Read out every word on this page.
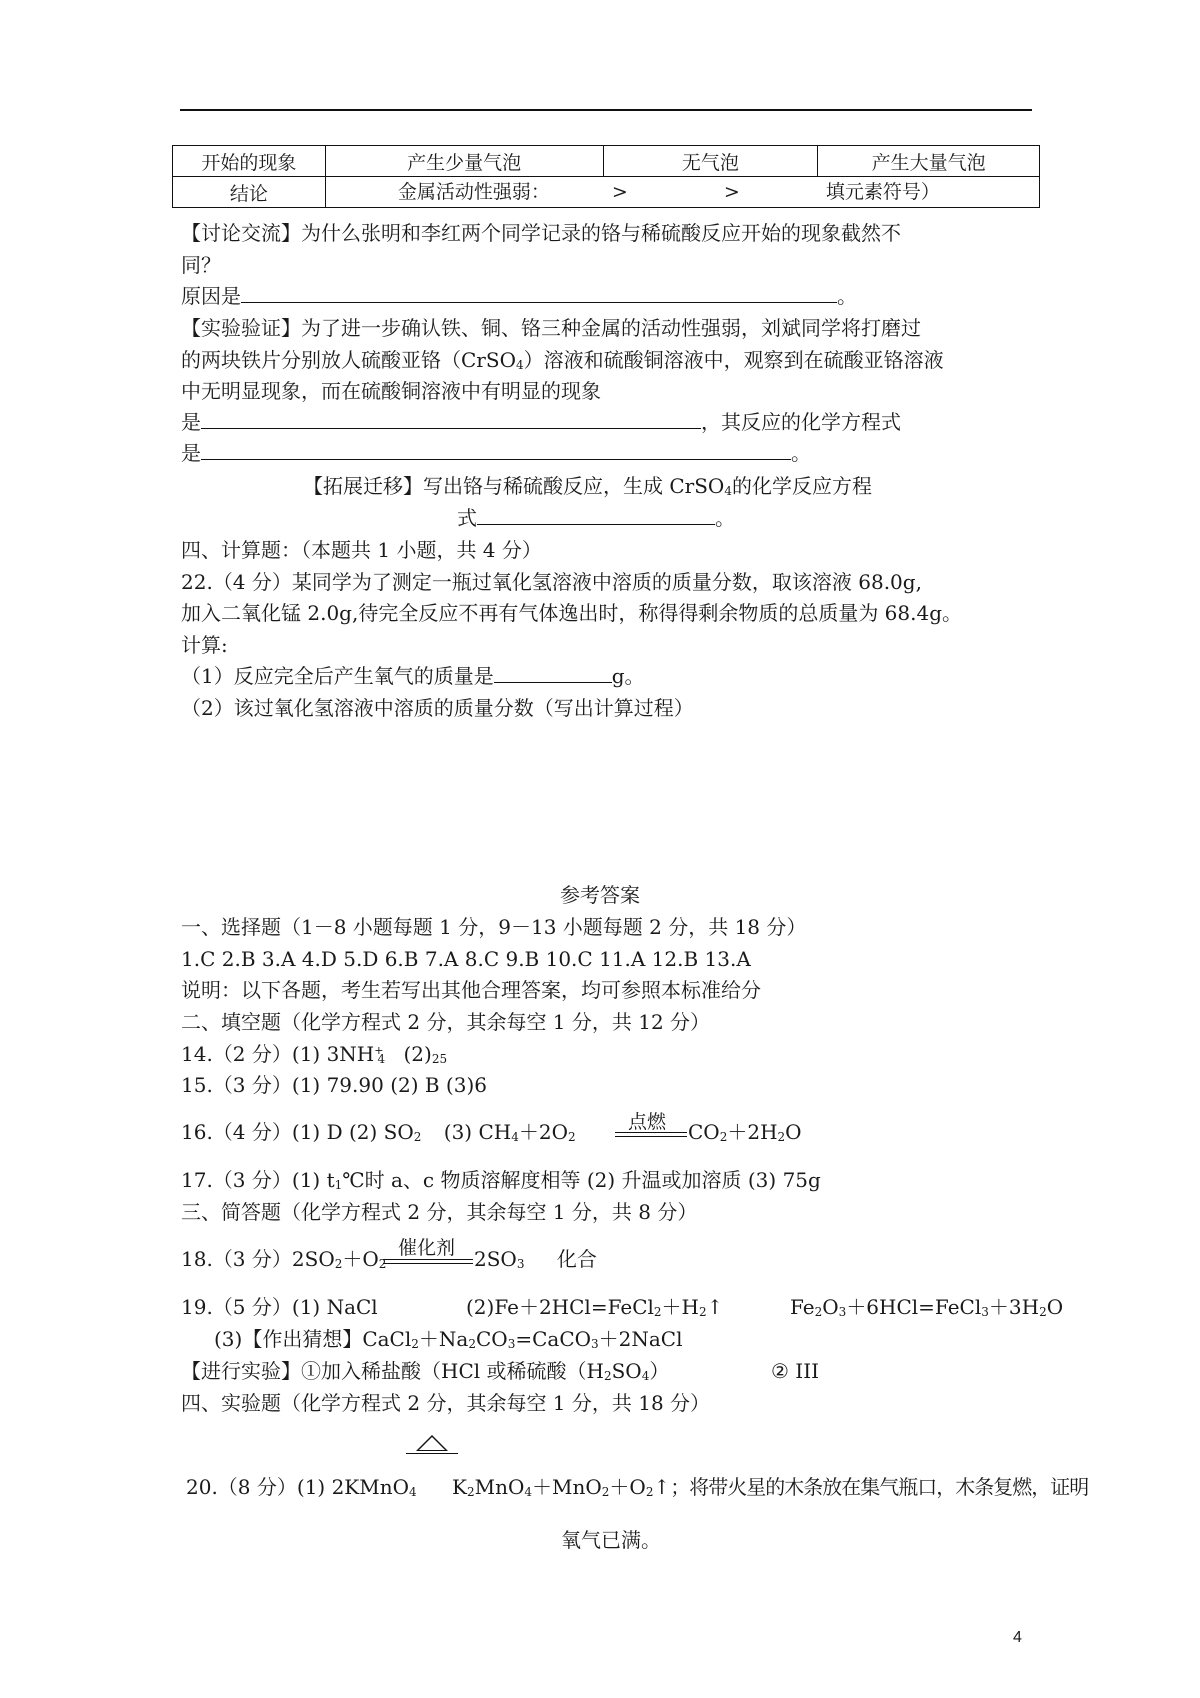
开始的现象	产生少量气泡	无气泡	产生大量气泡
结论	金属活动性强弱： > > 填元素符号）		
【讨论交流】为什么张明和李红两个同学记录的铬与稀硫酸反应开始的现象截然不
同？
原因是	。
【实验验证】为了进一步确认铁、铜、铬三种金属的活动性强弱，刘斌同学将打磨过
的两块铁片分别放人硫酸亚铬（CrSO$_4$）溶液和硫酸铜溶液中，观察到在硫酸亚铬溶液
中无明显现象，而在硫酸铜溶液中有明显的现象
是	，其反应的化学方程式
是	。
【拓展迁移】写出铬与稀硫酸反应，生成 CrSO$_4$的化学反应方程
式	。
四、计算题：（本题共 1 小题，共 4 分）
22.（4 分）某同学为了测定一瓶过氧化氢溶液中溶质的质量分数，取该溶液 68.0g,
加入二氧化锰 2.0g,待完全反应不再有气体逸出时，称得得剩余物质的总质量为 68.4g。
计算:
（1）反应完全后产生氧气的质量是	g。
（2）该过氧化氢溶液中溶质的质量分数（写出计算过程）
参考答案
一、选择题（1－8 小题每题 1 分，9－13 小题每题 2 分，共 18 分）
1.C 2.B 3.A 4.D 5.D 6.B 7.A 8.C 9.B 10.C 11.A 12.B 13.A
说明：以下各题，考生若写出其他合理答案，均可参照本标准给分
二、填空题（化学方程式 2 分，其余每空 1 分，共 12 分）
14.（2 分）(1) $3NH^+_4$ $(2)_{25}$
15.（3 分）(1) 79.90 (2) B (3)6
16.（4 分）(1) D (2) $SO_2$ (3) $CH_4+2O_2$
点燃 $CO_2+2H_2O$
17.（3 分）(1) $t_1℃$时 a、c 物质溶解度相等 (2) 升温或加溶质 (3) 75g
三、简答题（化学方程式 2 分，其余每空 1 分，共 8 分）
18.（3 分）$2SO_2+O_2$
催化剂 $2SO_3$ 化合
19.（5 分）(1) NaCl	$(2)Fe+2HCl=FeCl_2+H_2↑$	$Fe_2O_3+6HCl=FeCl_3+3H_2O$
(3)【作出猜想】$CaCl_2+Na_2CO_3=CaCO_3+2NaCl$
【进行实验】①加入稀盐酸（HCl 或稀硫酸$(H_2SO_4)$	② III
四、实验题（化学方程式 2 分，其余每空 1 分，共 18 分）
20.（8 分）(1) 2KMnO$_4$ $K_2MnO_4+MnO_2+O_2↑$；将带火星的木条放在集气瓶口，木条复燃，证明
氧气已满。
4
